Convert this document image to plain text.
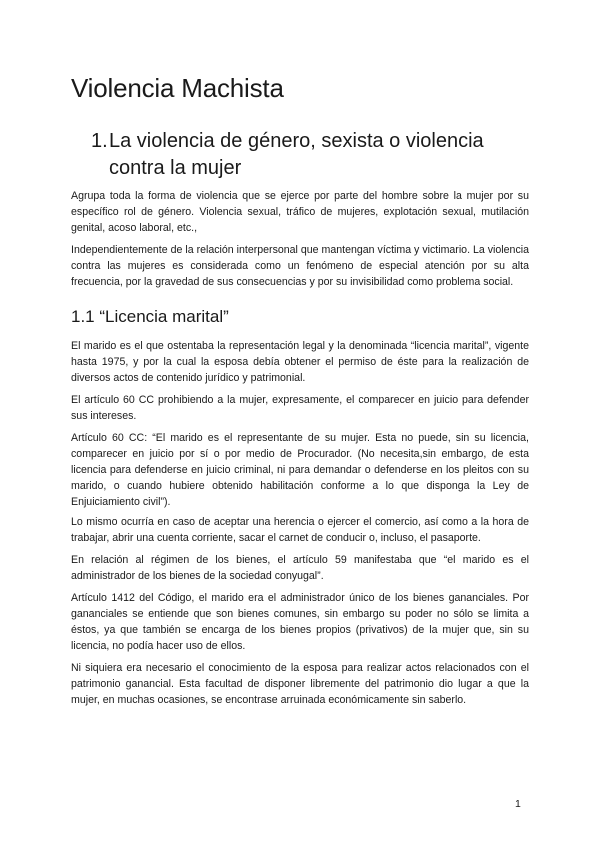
Violencia Machista
1. La violencia de género, sexista o violencia contra la mujer

Agrupa toda la forma de violencia que se ejerce por parte del hombre sobre la mujer por su específico rol de género. Violencia sexual, tráfico de mujeres, explotación sexual, mutilación genital, acoso laboral, etc.,

Independientemente de la relación interpersonal que mantengan víctima y victimario. La violencia contra las mujeres es considerada como un fenómeno de especial atención por su alta frecuencia, por la gravedad de sus consecuencias y por su invisibilidad como problema social.

1.1 “Licencia marital”

El marido es el que ostentaba la representación legal y la denominada “licencia marital”, vigente hasta 1975, y por la cual la esposa debía obtener el permiso de éste para la realización de diversos actos de contenido jurídico y patrimonial.

El artículo 60 CC prohibiendo a la mujer, expresamente, el comparecer en juicio para defender sus intereses.

Artículo 60 CC: “El marido es el representante de su mujer. Esta no puede, sin su licencia, comparecer en juicio por sí o por medio de Procurador. (No necesita,sin embargo, de esta licencia para defenderse en juicio criminal, ni para demandar o defenderse en los pleitos con su marido, o cuando hubiere obtenido habilitación conforme a lo que disponga la Ley de Enjuiciamiento civil”).

Lo mismo ocurría en caso de aceptar una herencia o ejercer el comercio, así como a la hora de trabajar, abrir una cuenta corriente, sacar el carnet de conducir o, incluso, el pasaporte.

En relación al régimen de los bienes, el artículo 59 manifestaba que “el marido es el administrador de los bienes de la sociedad conyugal”.

Artículo 1412 del Código, el marido era el administrador único de los bienes gananciales. Por gananciales se entiende que son bienes comunes, sin embargo su poder no sólo se limita a éstos, ya que también se encarga de los bienes propios (privativos) de la mujer que, sin su licencia, no podía hacer uso de ellos.

Ni siquiera era necesario el conocimiento de la esposa para realizar actos relacionados con el patrimonio ganancial. Esta facultad de disponer libremente del patrimonio dio lugar a que la mujer, en muchas ocasiones, se encontrase arruinada económicamente sin saberlo.

1
